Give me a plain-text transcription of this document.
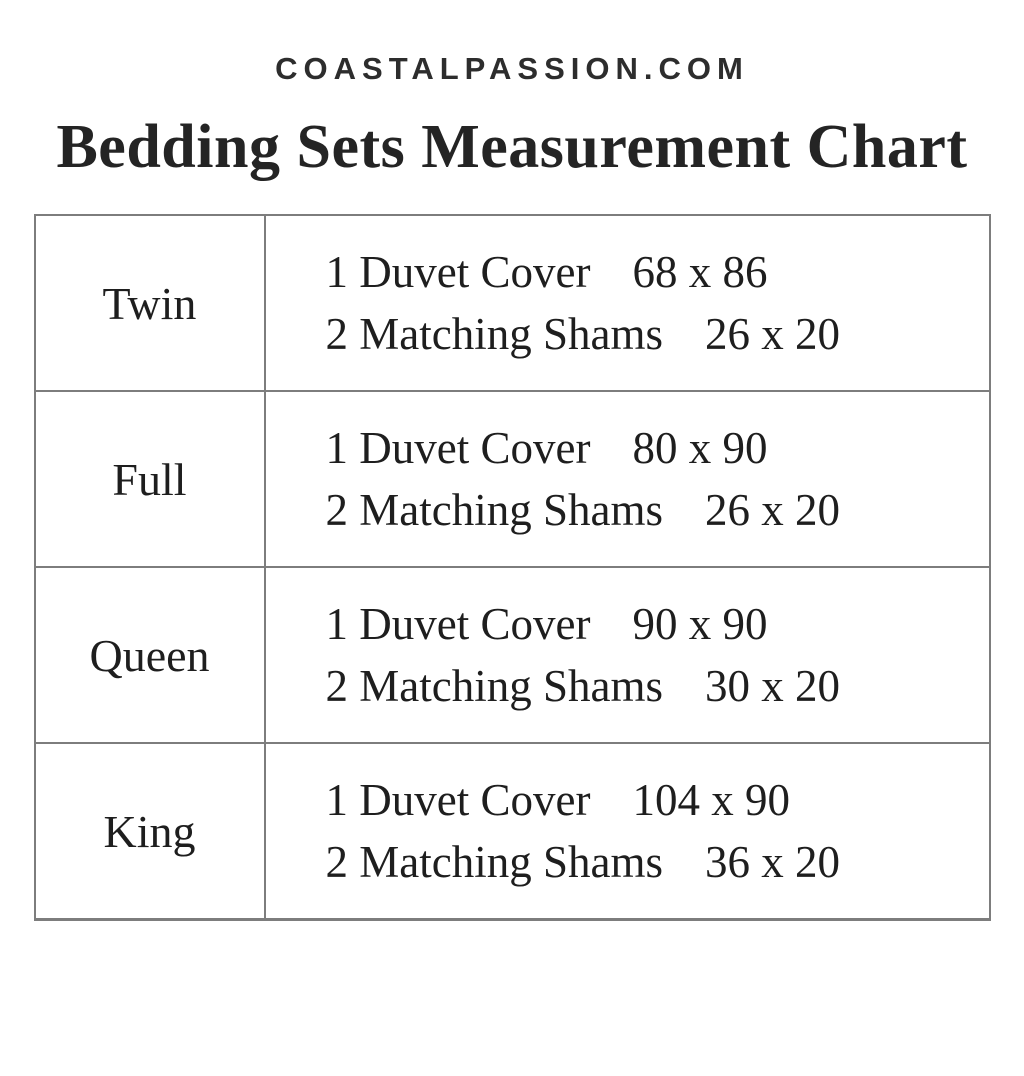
COASTALPASSION.COM
Bedding Sets Measurement Chart
Twin	1 Duvet Cover 68 x 86
2 Matching Shams 26 x 20

Full	1 Duvet Cover 80 x 90
2 Matching Shams 26 x 20

Queen	1 Duvet Cover 90 x 90
2 Matching Shams 30 x 20

King	1 Duvet Cover 104 x 90
2 Matching Shams 36 x 20
